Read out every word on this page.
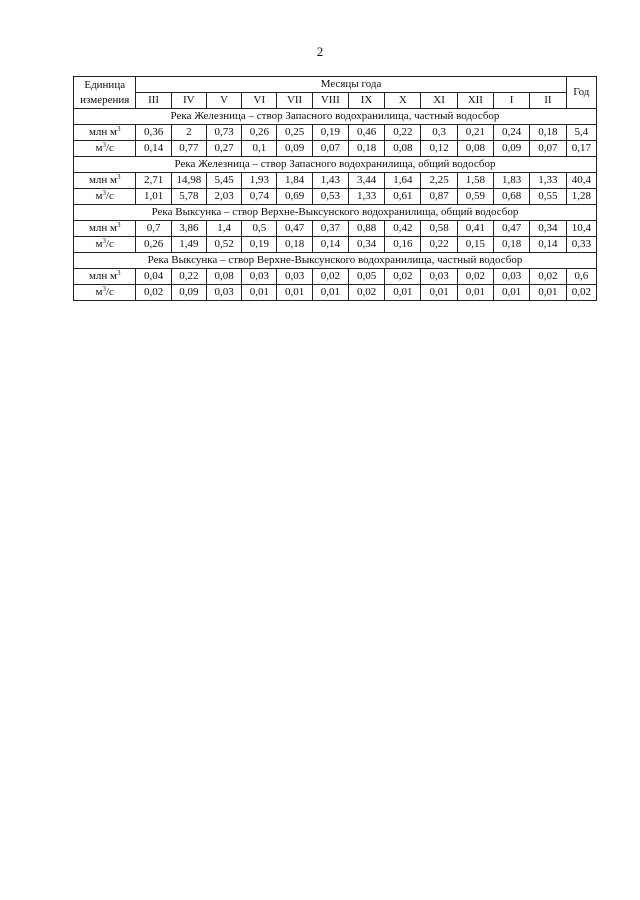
2
Единица
измерения	Месяцы года												Год
	III	IV	V	VI	VII	VIII	IX	X	XI	XII	I	II	
Река Железница – створ Запасного водохранилища, частный водосбор													
млн $м^3$	0,36	2	0,73	0,26	0,25	0,19	0,46	0,22	0,3	0,21	0,24	0,18	5,4
$м^3/с$	0,14	0,77	0,27	0,1	0,09	0,07	0,18	0,08	0,12	0,08	0,09	0,07	0,17
Река Железница – створ Запасного водохранилища, общий водосбор													
млн $м^3$	2,71	14,98	5,45	1,93	1,84	1,43	3,44	1,64	2,25	1,58	1,83	1,33	40,4
$м^3/с$	1,01	5,78	2,03	0,74	0,69	0,53	1,33	0,61	0,87	0,59	0,68	0,55	1,28
Река Выксунка – створ Верхне-Выксунского водохранилища, общий водосбор													
млн $м^3$	0,7	3,86	1,4	0,5	0,47	0,37	0,88	0,42	0,58	0,41	0,47	0,34	10,4
$м^3/с$	0,26	1,49	0,52	0,19	0,18	0,14	0,34	0,16	0,22	0,15	0,18	0,14	0,33
Река Выксунка – створ Верхне-Выксунского водохранилища, частный водосбор													
млн $м^3$	0,04	0,22	0,08	0,03	0,03	0,02	0,05	0,02	0,03	0,02	0,03	0,02	0,6
$м^3/с$	0,02	0,09	0,03	0,01	0,01	0,01	0,02	0,01	0,01	0,01	0,01	0,01	0,02
